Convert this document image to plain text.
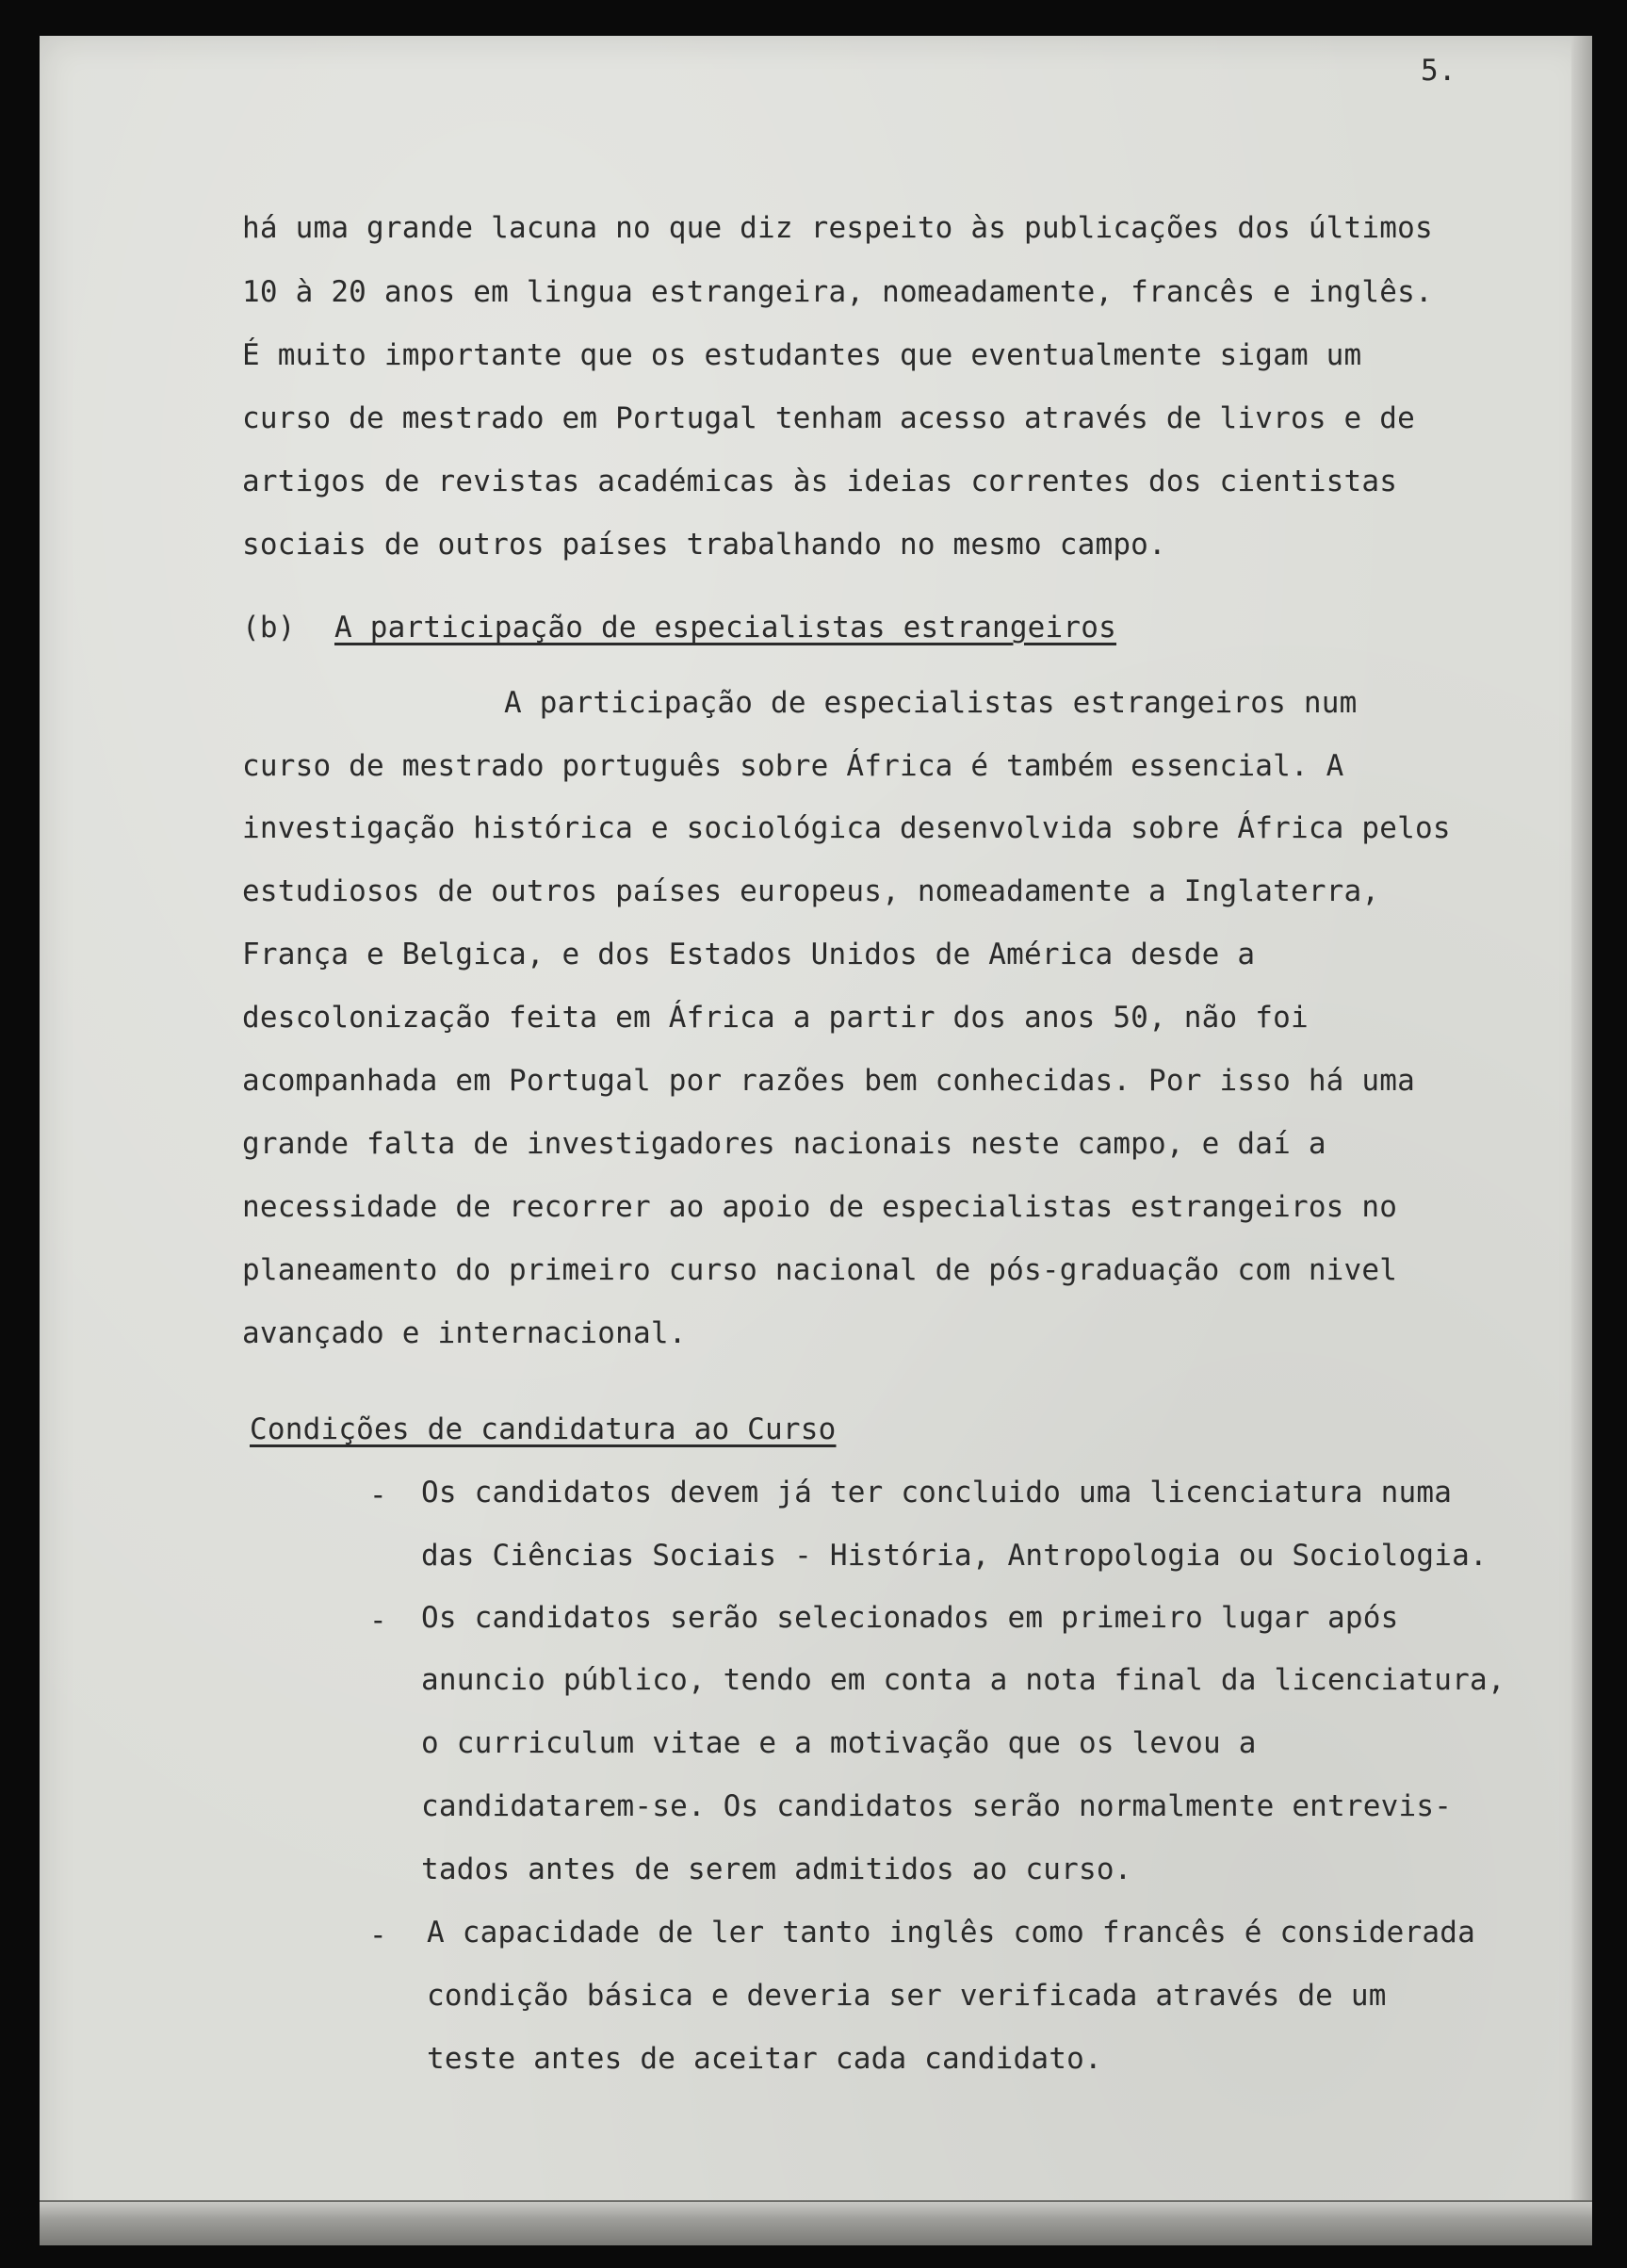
5.
há uma grande lacuna no que diz respeito às publicações dos últimos
10 à 20 anos em lingua estrangeira, nomeadamente, francês e inglês.
É muito importante que os estudantes que eventualmente sigam um
curso de mestrado em Portugal tenham acesso através de livros e de
artigos de revistas académicas às ideias correntes dos cientistas
sociais de outros países trabalhando no mesmo campo.
(b) A participação de especialistas estrangeiros
A participação de especialistas estrangeiros num
curso de mestrado português sobre África é também essencial. A
investigação histórica e sociológica desenvolvida sobre África pelos
estudiosos de outros países europeus, nomeadamente a Inglaterra,
França e Belgica, e dos Estados Unidos de América desde a
descolonização feita em África a partir dos anos 50, não foi
acompanhada em Portugal por razões bem conhecidas. Por isso há uma
grande falta de investigadores nacionais neste campo, e daí a
necessidade de recorrer ao apoio de especialistas estrangeiros no
planeamento do primeiro curso nacional de pós-graduação com nivel
avançado e internacional.
Condições de candidatura ao Curso
- Os candidatos devem já ter concluido uma licenciatura numa
das Ciências Sociais - História, Antropologia ou Sociologia.
- Os candidatos serão selecionados em primeiro lugar após
anuncio público, tendo em conta a nota final da licenciatura,
o curriculum vitae e a motivação que os levou a
candidatarem-se. Os candidatos serão normalmente entrevis-
tados antes de serem admitidos ao curso.
- A capacidade de ler tanto inglês como francês é considerada
condição básica e deveria ser verificada através de um
teste antes de aceitar cada candidato.
